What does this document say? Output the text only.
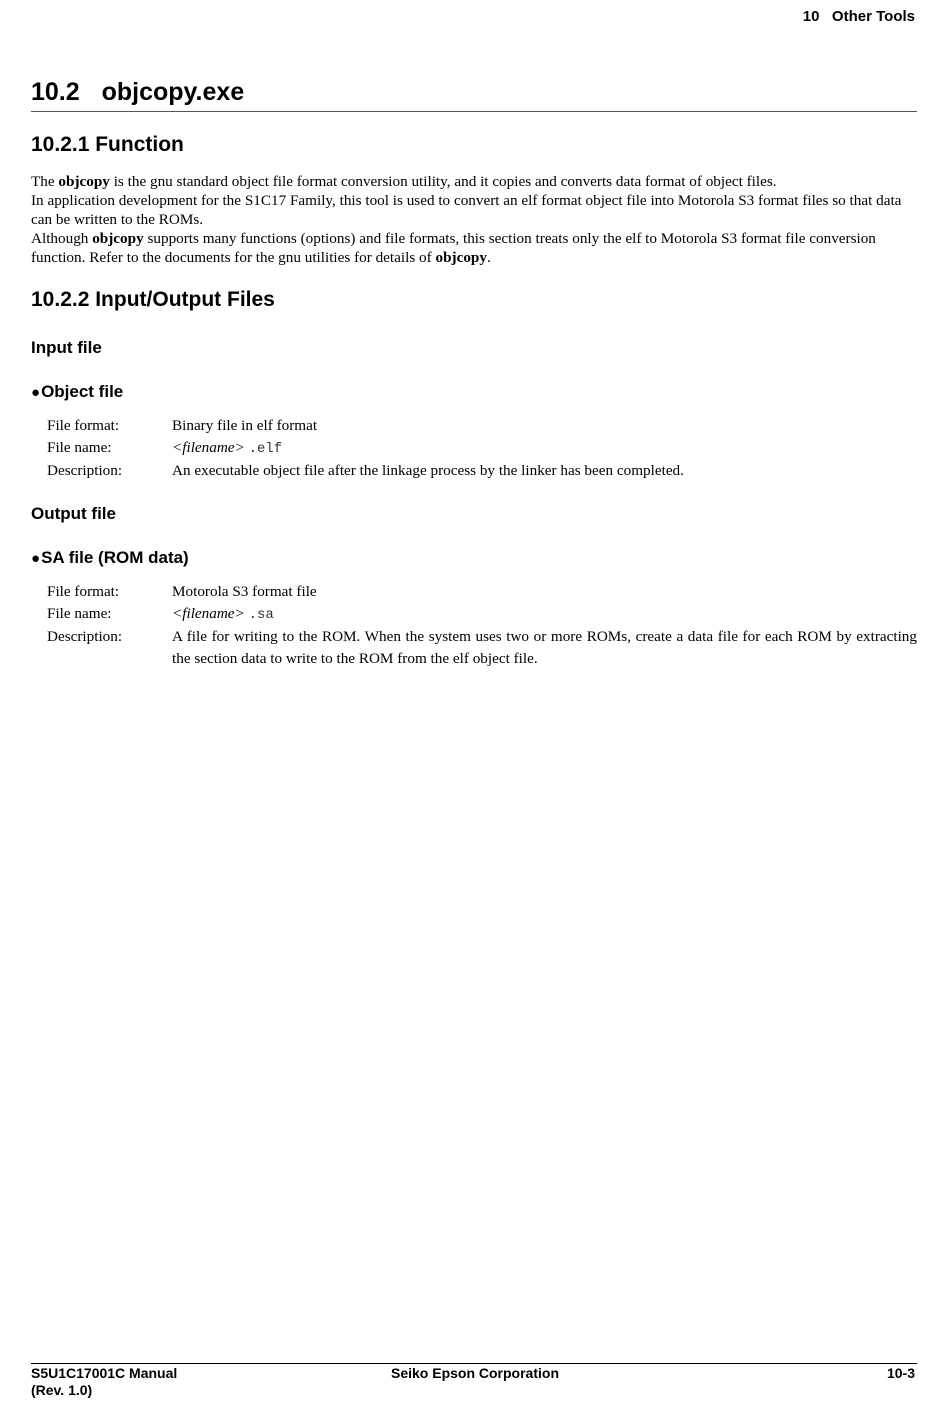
10   Other Tools
10.2 objcopy.exe
10.2.1 Function

The objcopy is the gnu standard object file format conversion utility, and it copies and converts data format of object files.

In application development for the S1C17 Family, this tool is used to convert an elf format object file into Motorola S3 format files so that data can be written to the ROMs.

Although objcopy supports many functions (options) and file formats, this section treats only the elf to Motorola S3 format file conversion function. Refer to the documents for the gnu utilities for details of objcopy.

10.2.2 Input/Output Files
Input file
●Object file
File format:	Binary file in elf format
File name:	<filename> .elf
Description:	An executable object file after the linkage process by the linker has been completed.
Output file
●SA file (ROM data)
File format:	Motorola S3 format file
File name:	<filename> .sa
Description:	A file for writing to the ROM. When the system uses two or more ROMs, create a data file for each ROM by extracting the section data to write to the ROM from the elf object file.
S5U1C17001C Manual
(Rev. 1.0)
Seiko Epson Corporation	10-3
